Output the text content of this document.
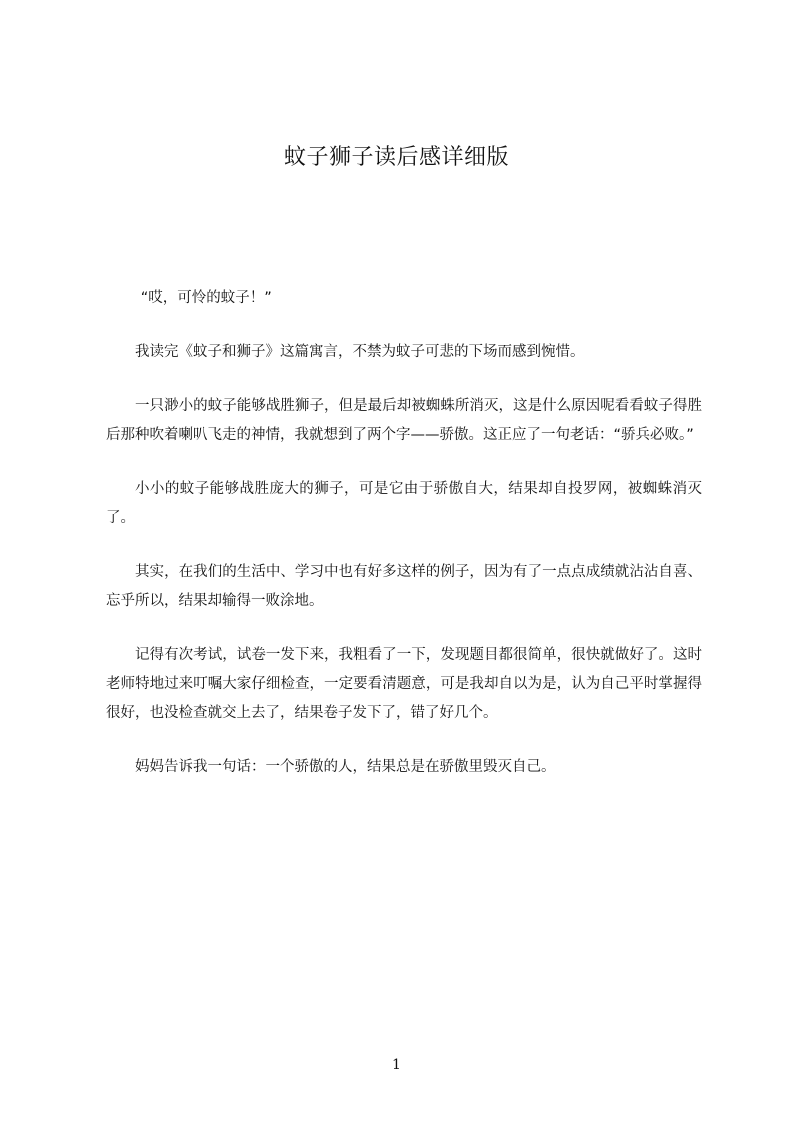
蚊子狮子读后感详细版

“哎，可怜的蚊子！”

我读完《蚊子和狮子》这篇寓言，不禁为蚊子可悲的下场而感到惋惜。

一只渺小的蚊子能够战胜狮子，但是最后却被蜘蛛所消灭，这是什么原因呢看看蚊子得胜后那种吹着喇叭飞走的神情，我就想到了两个字——骄傲。这正应了一句老话：“骄兵必败。”

小小的蚊子能够战胜庞大的狮子，可是它由于骄傲自大，结果却自投罗网，被蜘蛛消灭了。

其实，在我们的生活中、学习中也有好多这样的例子，因为有了一点点成绩就沾沾自喜、忘乎所以，结果却输得一败涂地。

记得有次考试，试卷一发下来，我粗看了一下，发现题目都很简单，很快就做好了。这时老师特地过来叮嘱大家仔细检查，一定要看清题意，可是我却自以为是，认为自己平时掌握得很好，也没检查就交上去了，结果卷子发下了，错了好几个。

妈妈告诉我一句话：一个骄傲的人，结果总是在骄傲里毁灭自己。

1
